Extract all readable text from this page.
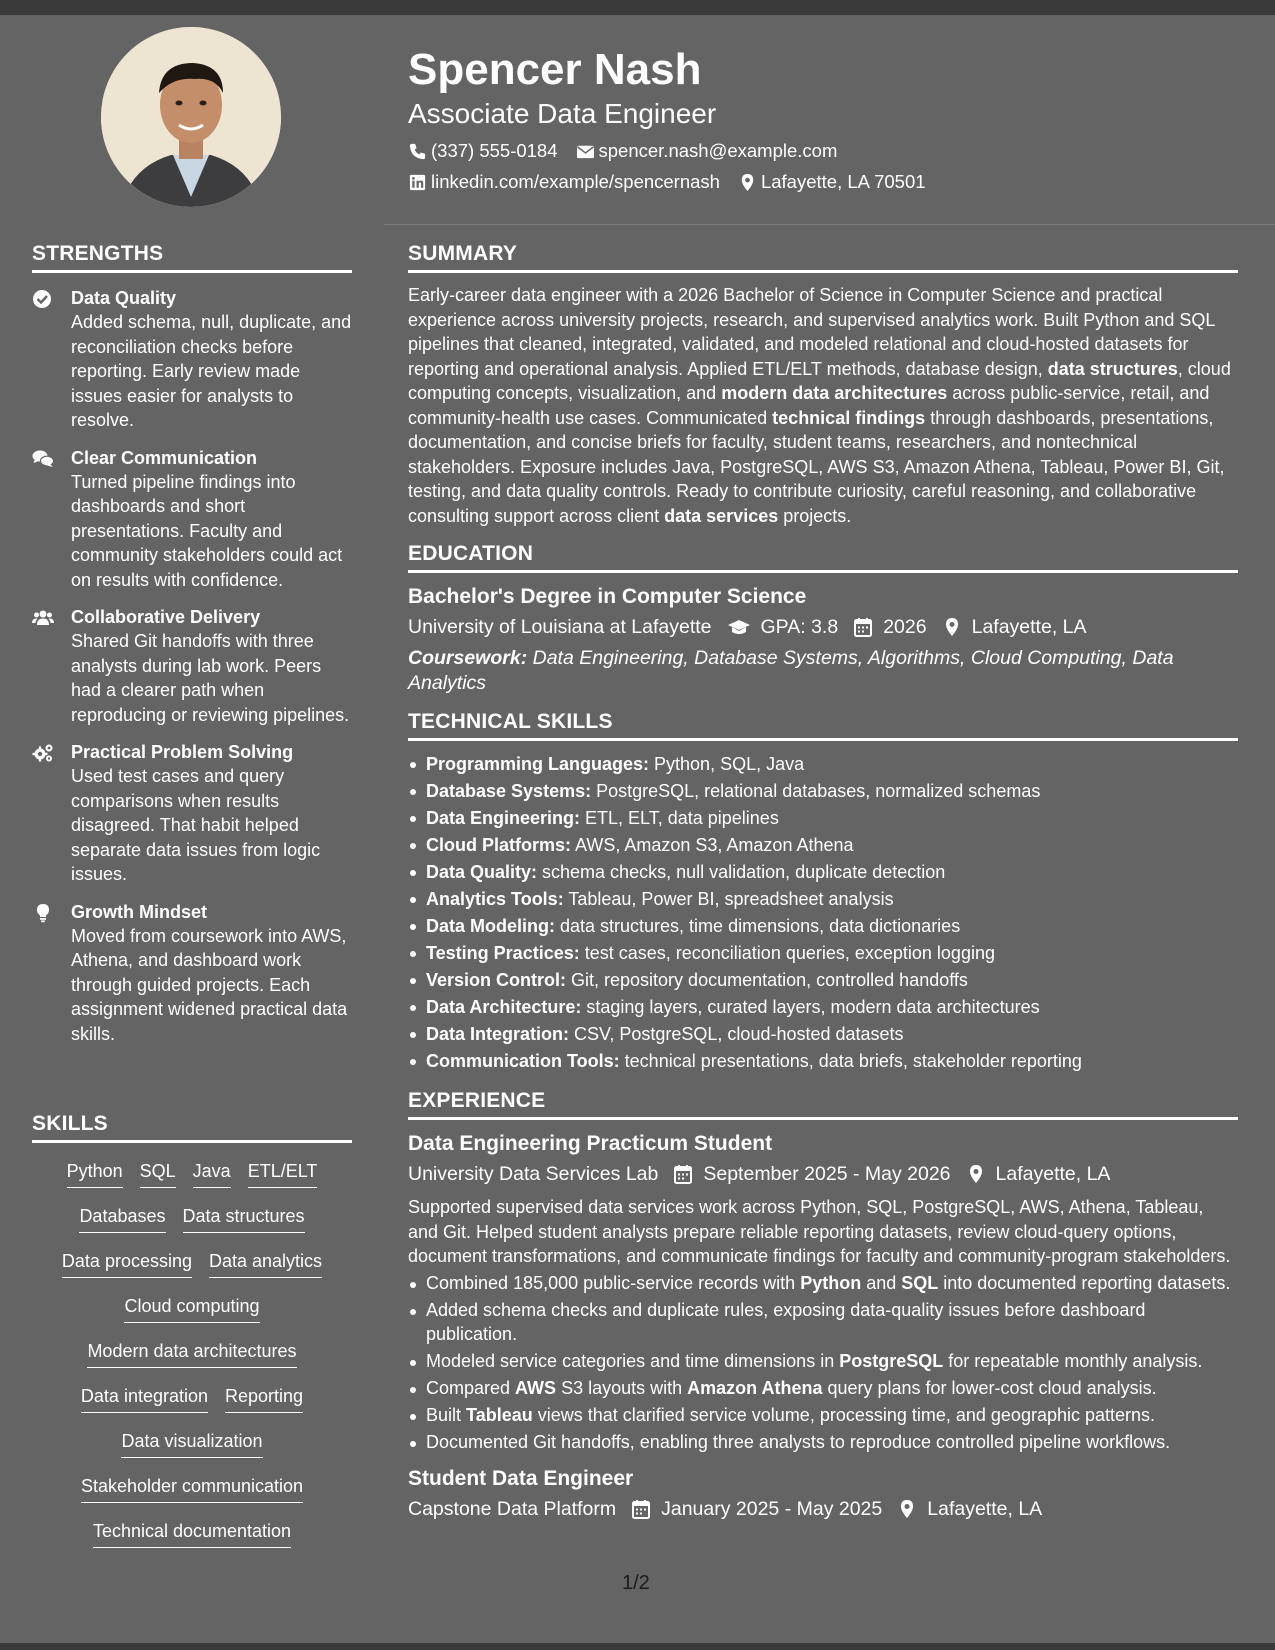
Spencer Nash
Associate Data Engineer
(337) 555-0184 spencer.nash@example.com
linkedin.com/example/spencernash Lafayette, LA 70501
STRENGTHS
Data Quality
Added schema, null, duplicate, and reconciliation checks before reporting. Early review made issues easier for analysts to resolve.
Clear Communication
Turned pipeline findings into dashboards and short presentations. Faculty and community stakeholders could act on results with confidence.
Collaborative Delivery
Shared Git handoffs with three analysts during lab work. Peers had a clearer path when reproducing or reviewing pipelines.
Practical Problem Solving
Used test cases and query comparisons when results disagreed. That habit helped separate data issues from logic issues.
Growth Mindset
Moved from coursework into AWS, Athena, and dashboard work through guided projects. Each assignment widened practical data skills.
SKILLS
Python SQL Java ETL/ELT
Databases Data structures
Data processing Data analytics
Cloud computing
Modern data architectures
Data integration Reporting
Data visualization
Stakeholder communication
Technical documentation
SUMMARY
Early-career data engineer with a 2026 Bachelor of Science in Computer Science and practical experience across university projects, research, and supervised analytics work. Built Python and SQL pipelines that cleaned, integrated, validated, and modeled relational and cloud-hosted datasets for reporting and operational analysis. Applied ETL/ELT methods, database design, data structures, cloud computing concepts, visualization, and modern data architectures across public-service, retail, and community-health use cases. Communicated technical findings through dashboards, presentations, documentation, and concise briefs for faculty, student teams, researchers, and nontechnical stakeholders. Exposure includes Java, PostgreSQL, AWS S3, Amazon Athena, Tableau, Power BI, Git, testing, and data quality controls. Ready to contribute curiosity, careful reasoning, and collaborative consulting support across client data services projects.
EDUCATION
Bachelor's Degree in Computer Science
University of Louisiana at Lafayette	GPA: 3.8 2026 Lafayette, LA
Coursework: Data Engineering, Database Systems, Algorithms, Cloud Computing, Data Analytics
TECHNICAL SKILLS
Programming Languages: Python, SQL, Java
Database Systems: PostgreSQL, relational databases, normalized schemas
Data Engineering: ETL, ELT, data pipelines
Cloud Platforms: AWS, Amazon S3, Amazon Athena
Data Quality: schema checks, null validation, duplicate detection
Analytics Tools: Tableau, Power BI, spreadsheet analysis
Data Modeling: data structures, time dimensions, data dictionaries
Testing Practices: test cases, reconciliation queries, exception logging
Version Control: Git, repository documentation, controlled handoffs
Data Architecture: staging layers, curated layers, modern data architectures
Data Integration: CSV, PostgreSQL, cloud-hosted datasets
Communication Tools: technical presentations, data briefs, stakeholder reporting
EXPERIENCE
Data Engineering Practicum Student
University Data Services Lab September 2025 - May 2026 Lafayette, LA
Supported supervised data services work across Python, SQL, PostgreSQL, AWS, Athena, Tableau, and Git. Helped student analysts prepare reliable reporting datasets, review cloud-query options, document transformations, and communicate findings for faculty and community-program stakeholders.
Combined 185,000 public-service records with Python and SQL into documented reporting datasets.
Added schema checks and duplicate rules, exposing data-quality issues before dashboard publication.
Modeled service categories and time dimensions in PostgreSQL for repeatable monthly analysis.
Compared AWS S3 layouts with Amazon Athena query plans for lower-cost cloud analysis.
Built Tableau views that clarified service volume, processing time, and geographic patterns.
Documented Git handoffs, enabling three analysts to reproduce controlled pipeline workflows.
Student Data Engineer
Capstone Data Platform January 2025 - May 2025 Lafayette, LA
1/2
